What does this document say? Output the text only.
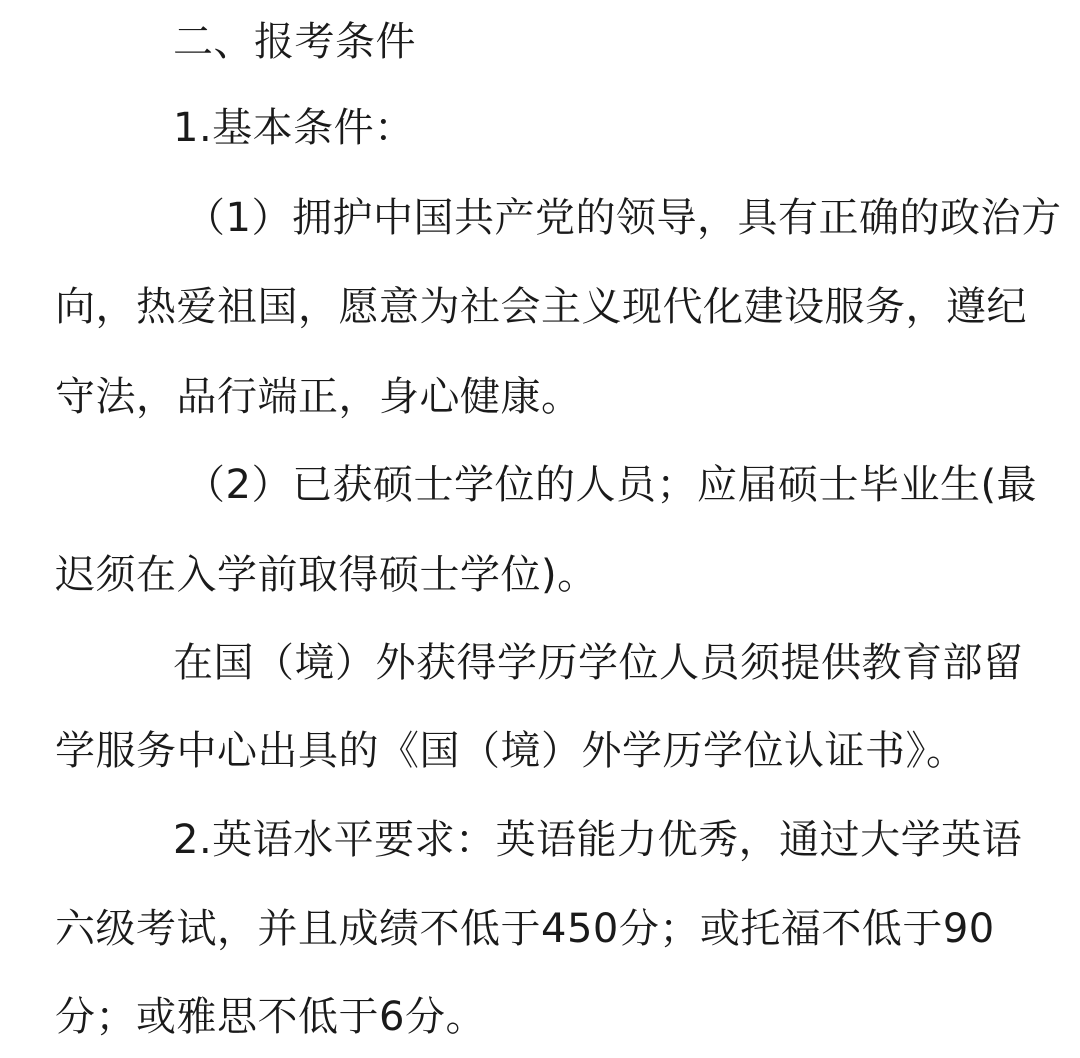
二、报考条件
1.基本条件：
（1）拥护中国共产党的领导，具有正确的政治方
向，热爱祖国，愿意为社会主义现代化建设服务，遵纪
守法，品行端正，身心健康。
（2）已获硕士学位的人员；应届硕士毕业生(最
迟须在入学前取得硕士学位)。
在国（境）外获得学历学位人员须提供教育部留
学服务中心出具的《国（境）外学历学位认证书》。
2.英语水平要求：英语能力优秀，通过大学英语
六级考试，并且成绩不低于450分；或托福不低于90
分；或雅思不低于6分。
